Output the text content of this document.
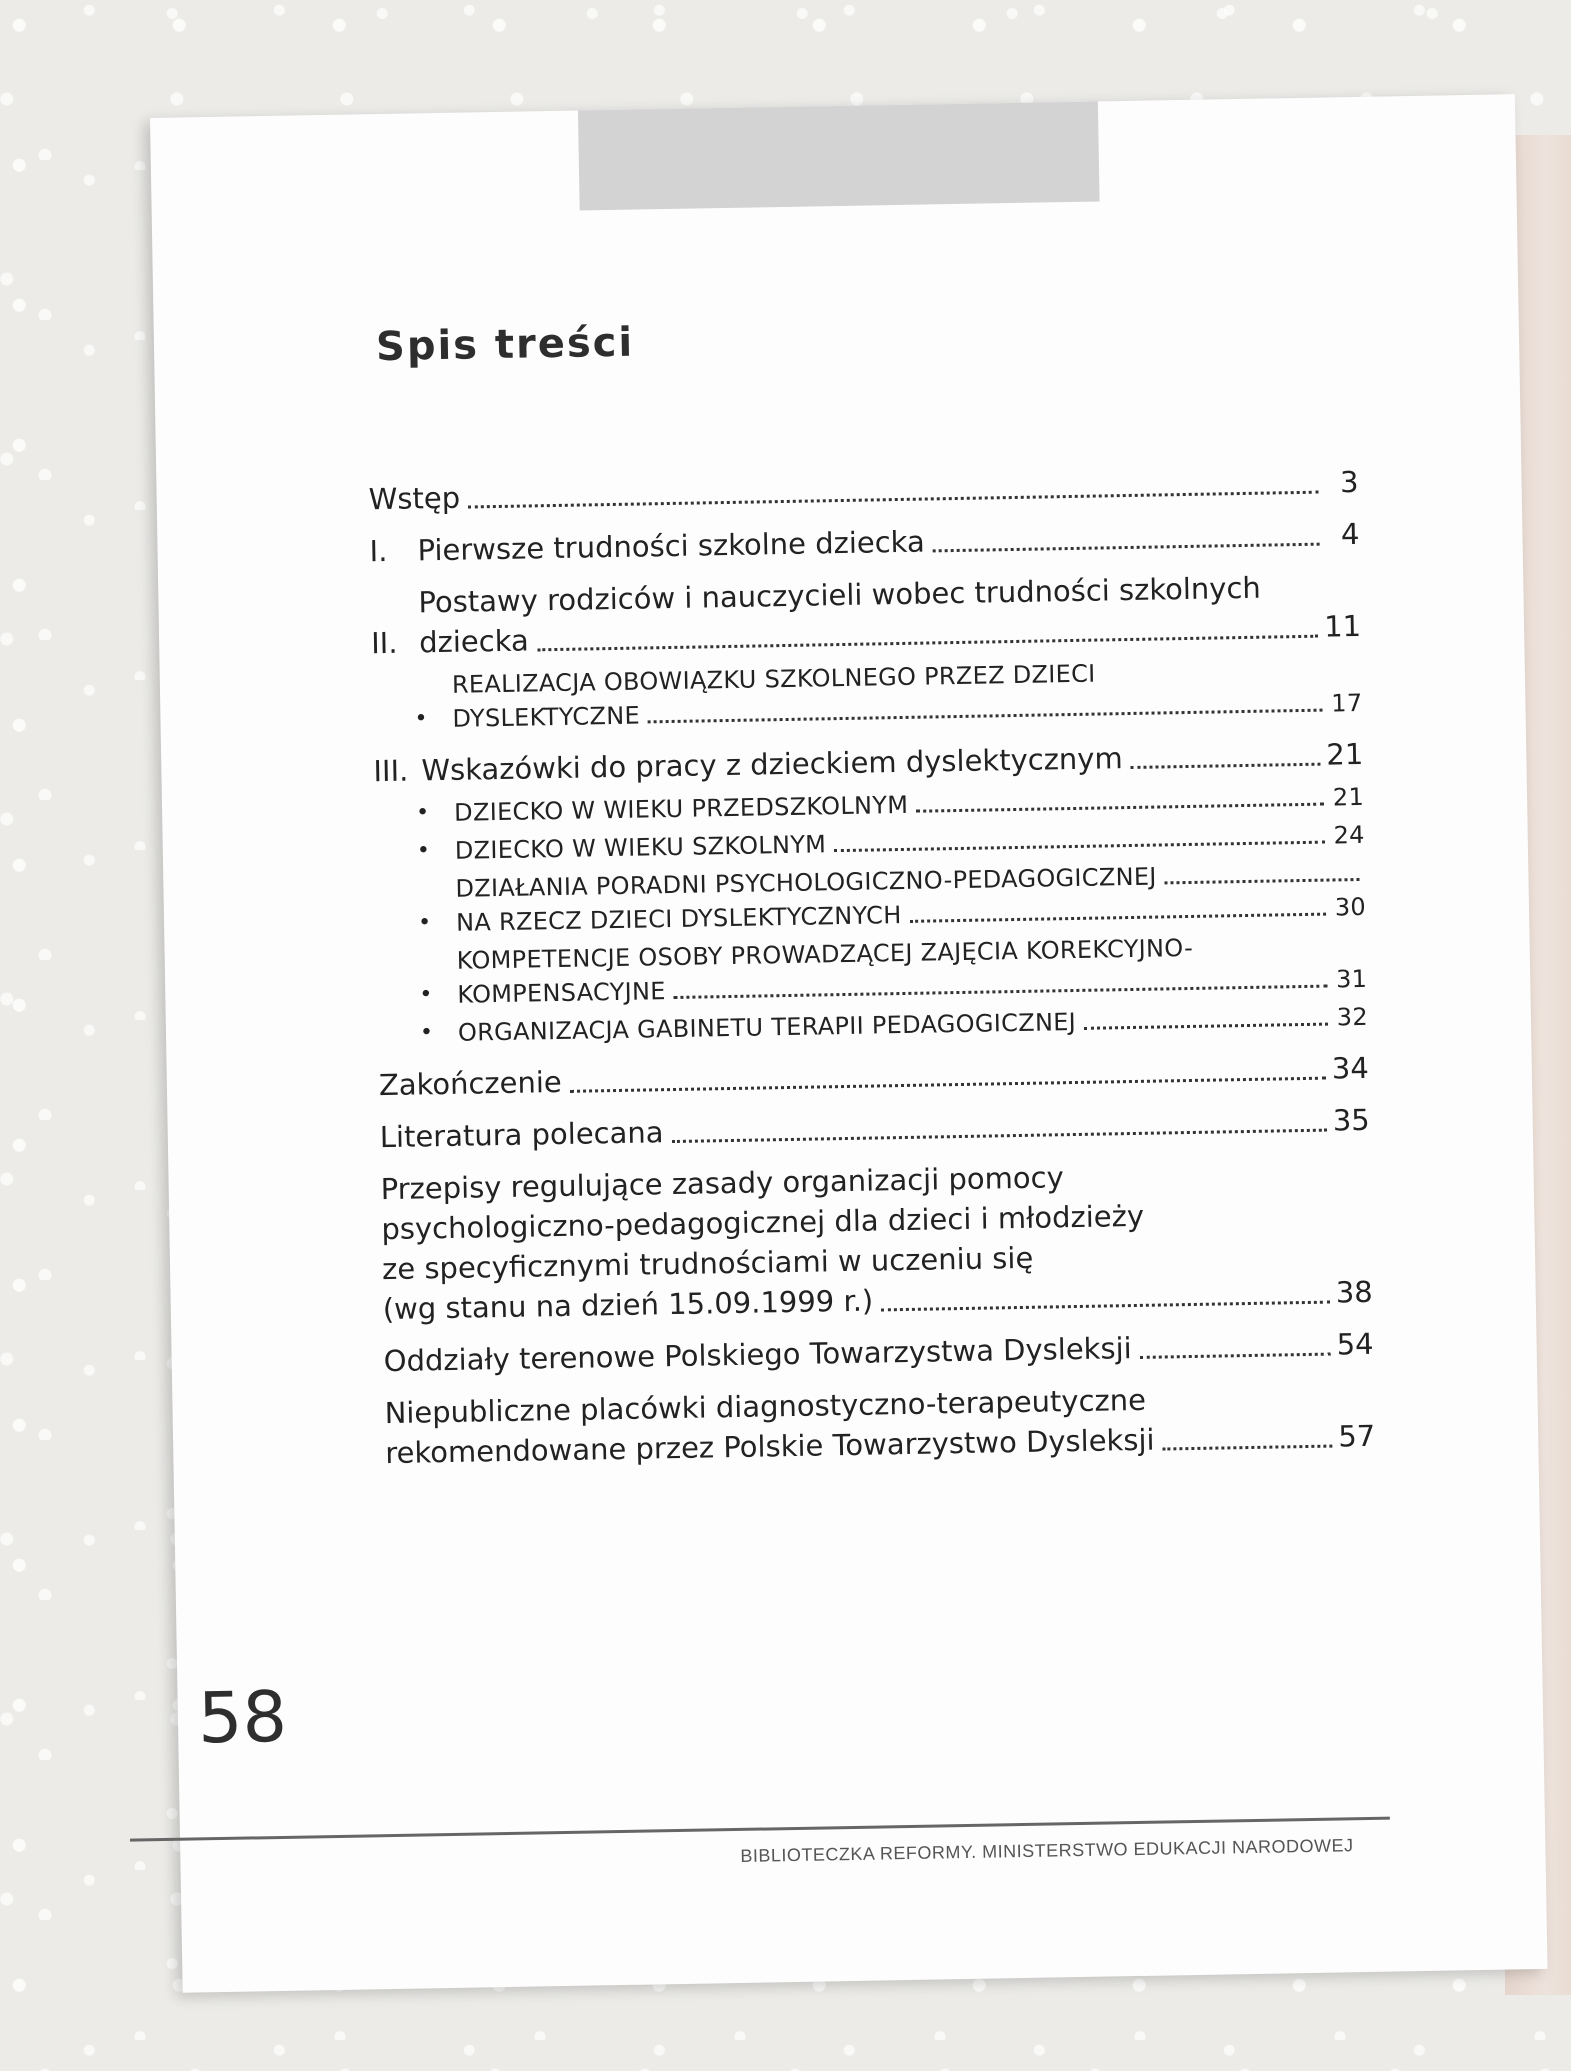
Spis treści
Wstęp	3
I.	Pierwsze trudności szkolne dziecka	4
II.
Postawy rodziców i nauczycieli wobec trudności szkolnych
dziecka	11
•
REALIZACJA OBOWIĄZKU SZKOLNEGO PRZEZ DZIECI
DYSLEKTYCZNE	17
III. Wskazówki do pracy z dzieckiem dyslektycznym	21
•	DZIECKO W WIEKU PRZEDSZKOLNYM	21
•	DZIECKO W WIEKU SZKOLNYM	24
•
DZIAŁANIA PORADNI PSYCHOLOGICZNO-PEDAGOGICZNEJ
NA RZECZ DZIECI DYSLEKTYCZNYCH	30
•
KOMPETENCJE OSOBY PROWADZĄCEJ ZAJĘCIA KOREKCYJNO-
KOMPENSACYJNE	31
•	ORGANIZACJA GABINETU TERAPII PEDAGOGICZNEJ	32
Zakończenie	34
Literatura polecana	35
Przepisy regulujące zasady organizacji pomocy
psychologiczno-pedagogicznej dla dzieci i młodzieży
ze specyficznymi trudnościami w uczeniu się
(wg stanu na dzień 15.09.1999 r.)	38
Oddziały terenowe Polskiego Towarzystwa Dysleksji	54
Niepubliczne placówki diagnostyczno-terapeutyczne
rekomendowane przez Polskie Towarzystwo Dysleksji	57
58
BIBLIOTECZKA REFORMY. MINISTERSTWO EDUKACJI NARODOWEJ
